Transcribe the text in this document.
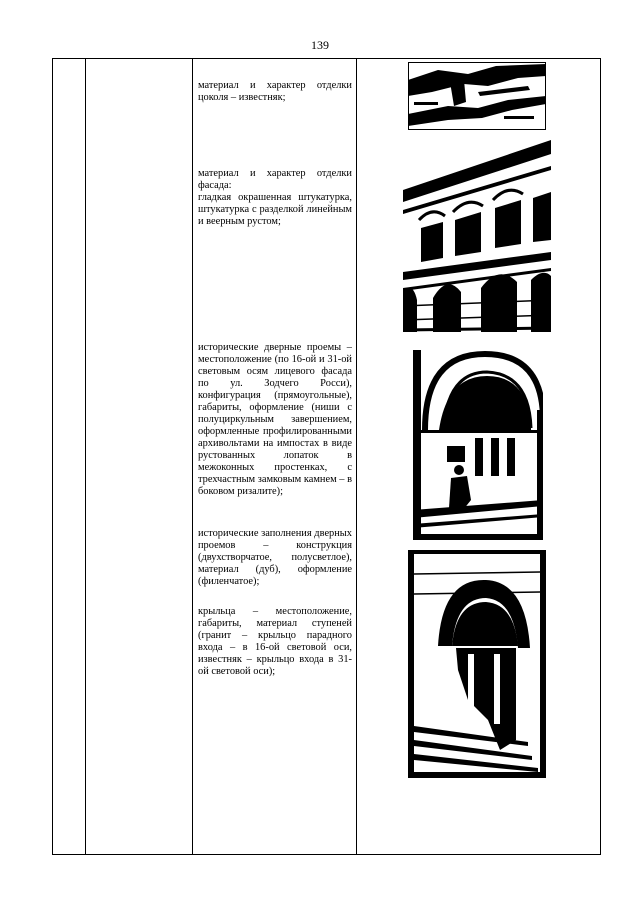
139

материал и характер отделки цоколя – известняк;

материал и характер отделки фасада:
гладкая окрашенная штукатурка, штукатурка с разделкой линейным и веерным рустом;

исторические дверные проемы – местоположение (по 16-ой и 31-ой световым осям лицевого фасада по ул. Зодчего Росси), конфигурация (прямоугольные), габариты, оформление (ниши с полуциркульным завершением, оформленные профилированными архивольтами на импостах в виде рустованных лопаток в межоконных простенках, с трехчастным замковым камнем – в боковом ризалите);

исторические заполнения дверных проемов – конструкция (двухстворчатое, полусветлое), материал (дуб), оформление (филенчатое);

крыльца – местоположение, габариты, материал ступеней (гранит – крыльцо парадного входа – в 16-ой световой оси, известняк – крыльцо входа в 31-ой световой оси);
